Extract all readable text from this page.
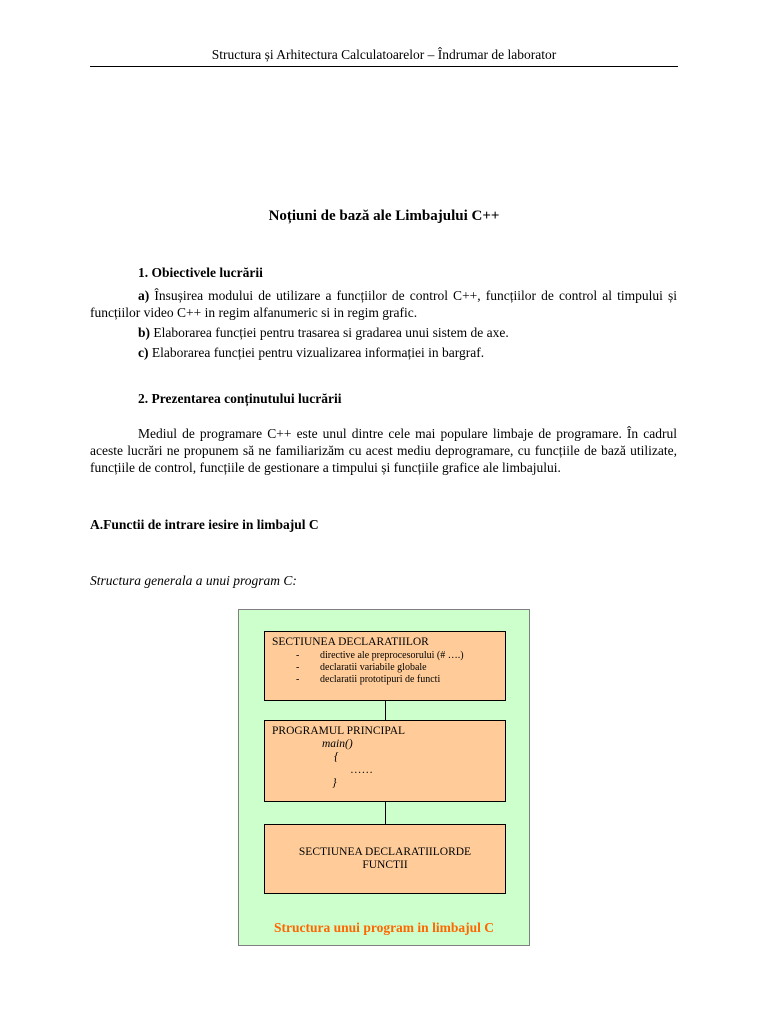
Structura și Arhitectura Calculatoarelor – Îndrumar de laborator
Noțiuni de bază ale Limbajului C++

1. Obiectivele lucrării

a) Însușirea modului de utilizare a funcțiilor de control C++, funcțiilor de control al timpului și funcțiilor video C++ in regim alfanumeric si in regim grafic.

b) Elaborarea funcției pentru trasarea si gradarea unui sistem de axe.

c) Elaborarea funcției pentru vizualizarea informației in bargraf.

2. Prezentarea conținutului lucrării

Mediul de programare C++ este unul dintre cele mai populare limbaje de programare. În cadrul aceste lucrări ne propunem să ne familiarizăm cu acest mediu deprogramare, cu funcțiile de bază utilizate, funcțiile de control, funcțiile de gestionare a timpului și funcțiile grafice ale limbajului.

A.Functii de intrare iesire in limbajul C
Structura generala a unui program C:
SECTIUNEA DECLARATIILOR
- directive ale preprocesorului (# ….)
- declaratii variabile globale
- declaratii prototipuri de functi
PROGRAMUL PRINCIPAL
main()
{
……
}
SECTIUNEA DECLARATIILORDE
FUNCTII
Structura unui program in limbajul C
